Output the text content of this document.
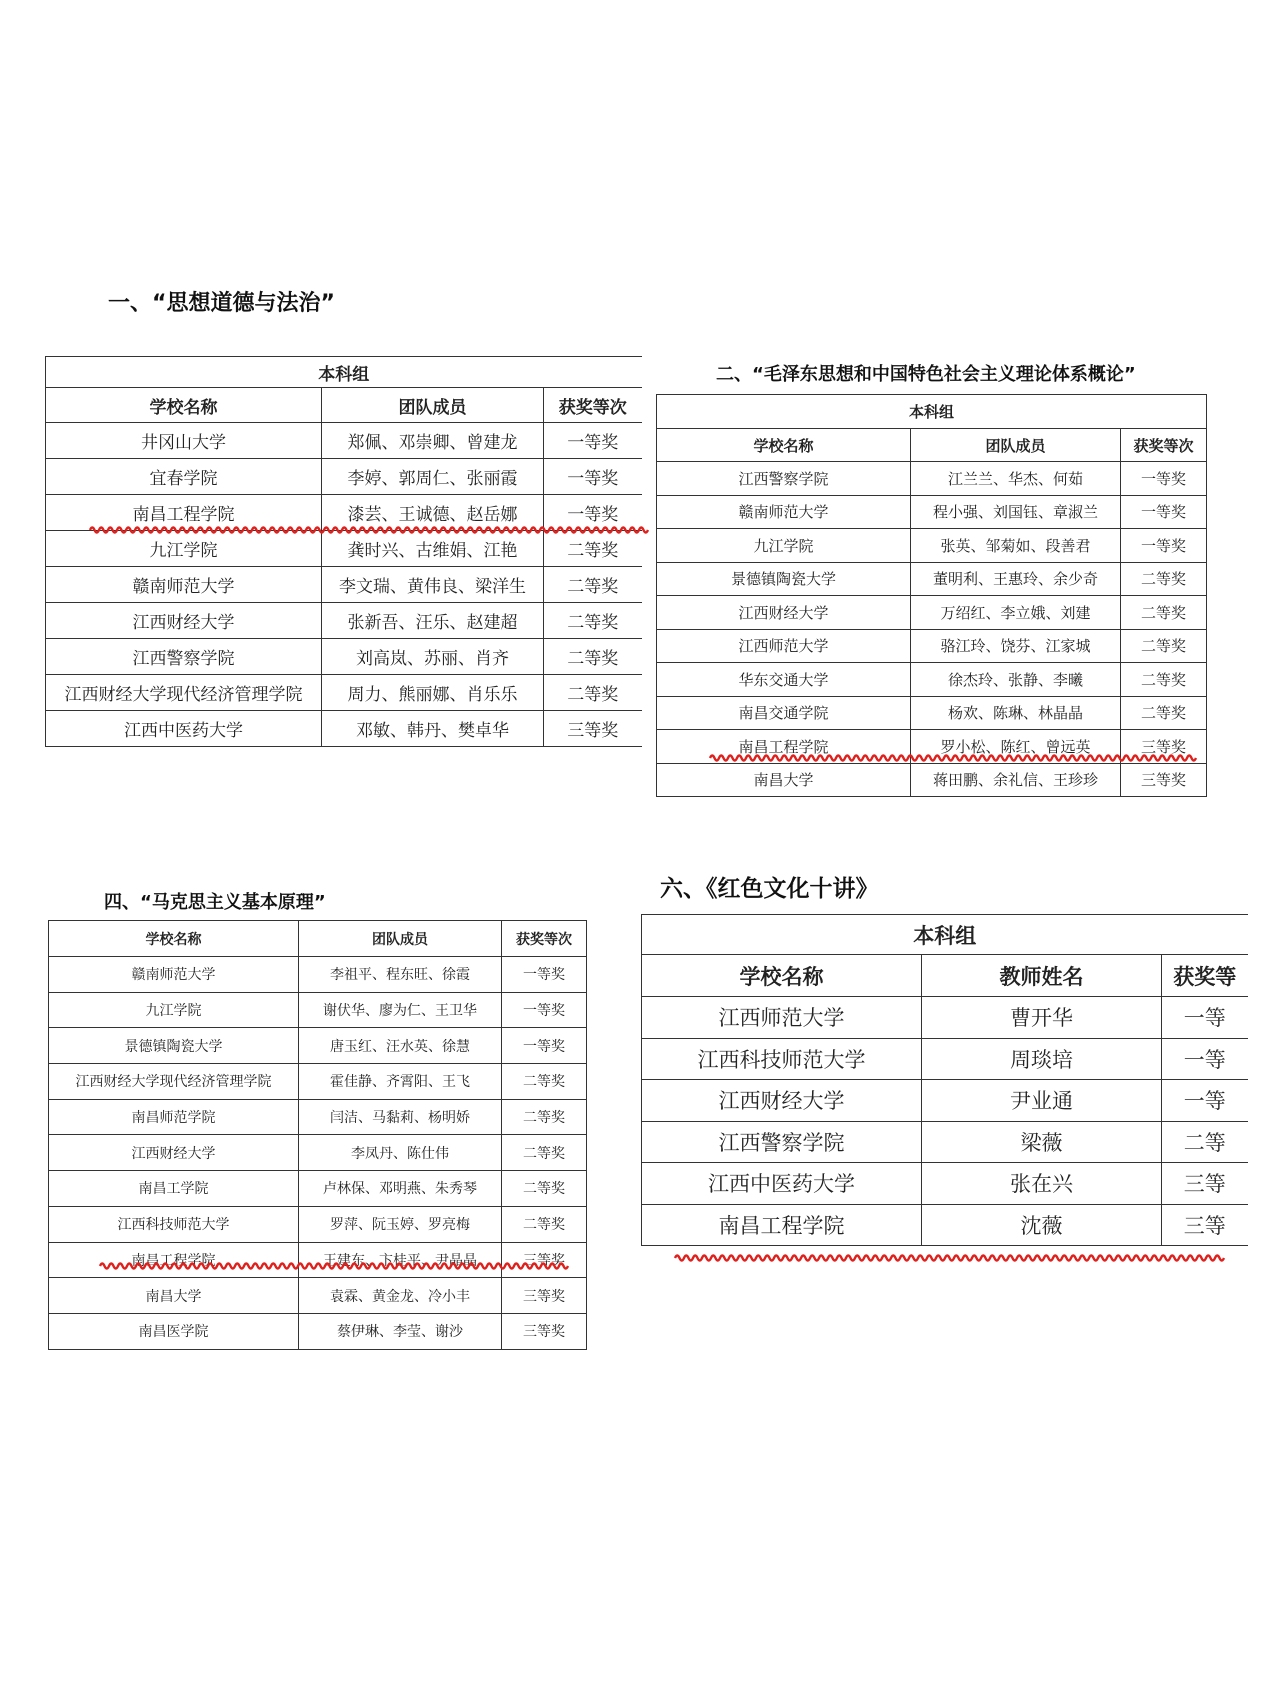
一、“思想道德与法治”
本科组		
学校名称	团队成员	获奖等次
井冈山大学	郑佩、邓崇卿、曾建龙	一等奖
宜春学院	李婷、郭周仁、张丽霞	一等奖
南昌工程学院	漆芸、王诚德、赵岳娜	一等奖
九江学院	龚时兴、古维娟、江艳	二等奖
赣南师范大学	李文瑞、黄伟良、梁洋生	二等奖
江西财经大学	张新吾、汪乐、赵建超	二等奖
江西警察学院	刘高岚、苏丽、肖齐	二等奖
江西财经大学现代经济管理学院	周力、熊丽娜、肖乐乐	二等奖
江西中医药大学	邓敏、韩丹、樊卓华	三等奖
二、“毛泽东思想和中国特色社会主义理论体系概论”
本科组		
学校名称	团队成员	获奖等次
江西警察学院	江兰兰、华杰、何茹	一等奖
赣南师范大学	程小强、刘国钰、章淑兰	一等奖
九江学院	张英、邹菊如、段善君	一等奖
景德镇陶瓷大学	董明利、王惠玲、余少奇	二等奖
江西财经大学	万绍红、李立娥、刘建	二等奖
江西师范大学	骆江玲、饶芬、江家城	二等奖
华东交通大学	徐杰玲、张静、李曦	二等奖
南昌交通学院	杨欢、陈琳、林晶晶	二等奖
南昌工程学院	罗小松、陈红、曾远英	三等奖
南昌大学	蒋田鹏、余礼信、王珍珍	三等奖
四、“马克思主义基本原理”
学校名称	团队成员	获奖等次
赣南师范大学	李祖平、程东旺、徐霞	一等奖
九江学院	谢伏华、廖为仁、王卫华	一等奖
景德镇陶瓷大学	唐玉红、汪水英、徐慧	一等奖
江西财经大学现代经济管理学院	霍佳静、齐霄阳、王飞	二等奖
南昌师范学院	闫洁、马黏莉、杨明娇	二等奖
江西财经大学	李凤丹、陈仕伟	二等奖
南昌工学院	卢林保、邓明燕、朱秀琴	二等奖
江西科技师范大学	罗萍、阮玉婷、罗亮梅	二等奖
南昌工程学院	王建东、卞桂平、尹晶晶	三等奖
南昌大学	袁霖、黄金龙、冷小丰	三等奖
南昌医学院	蔡伊琳、李莹、谢沙	三等奖
六、《红色文化十讲》
本科组		
学校名称	教师姓名	获奖等
江西师范大学	曹开华	一等
江西科技师范大学	周琰培	一等
江西财经大学	尹业通	一等
江西警察学院	梁薇	二等
江西中医药大学	张在兴	三等
南昌工程学院	沈薇	三等
